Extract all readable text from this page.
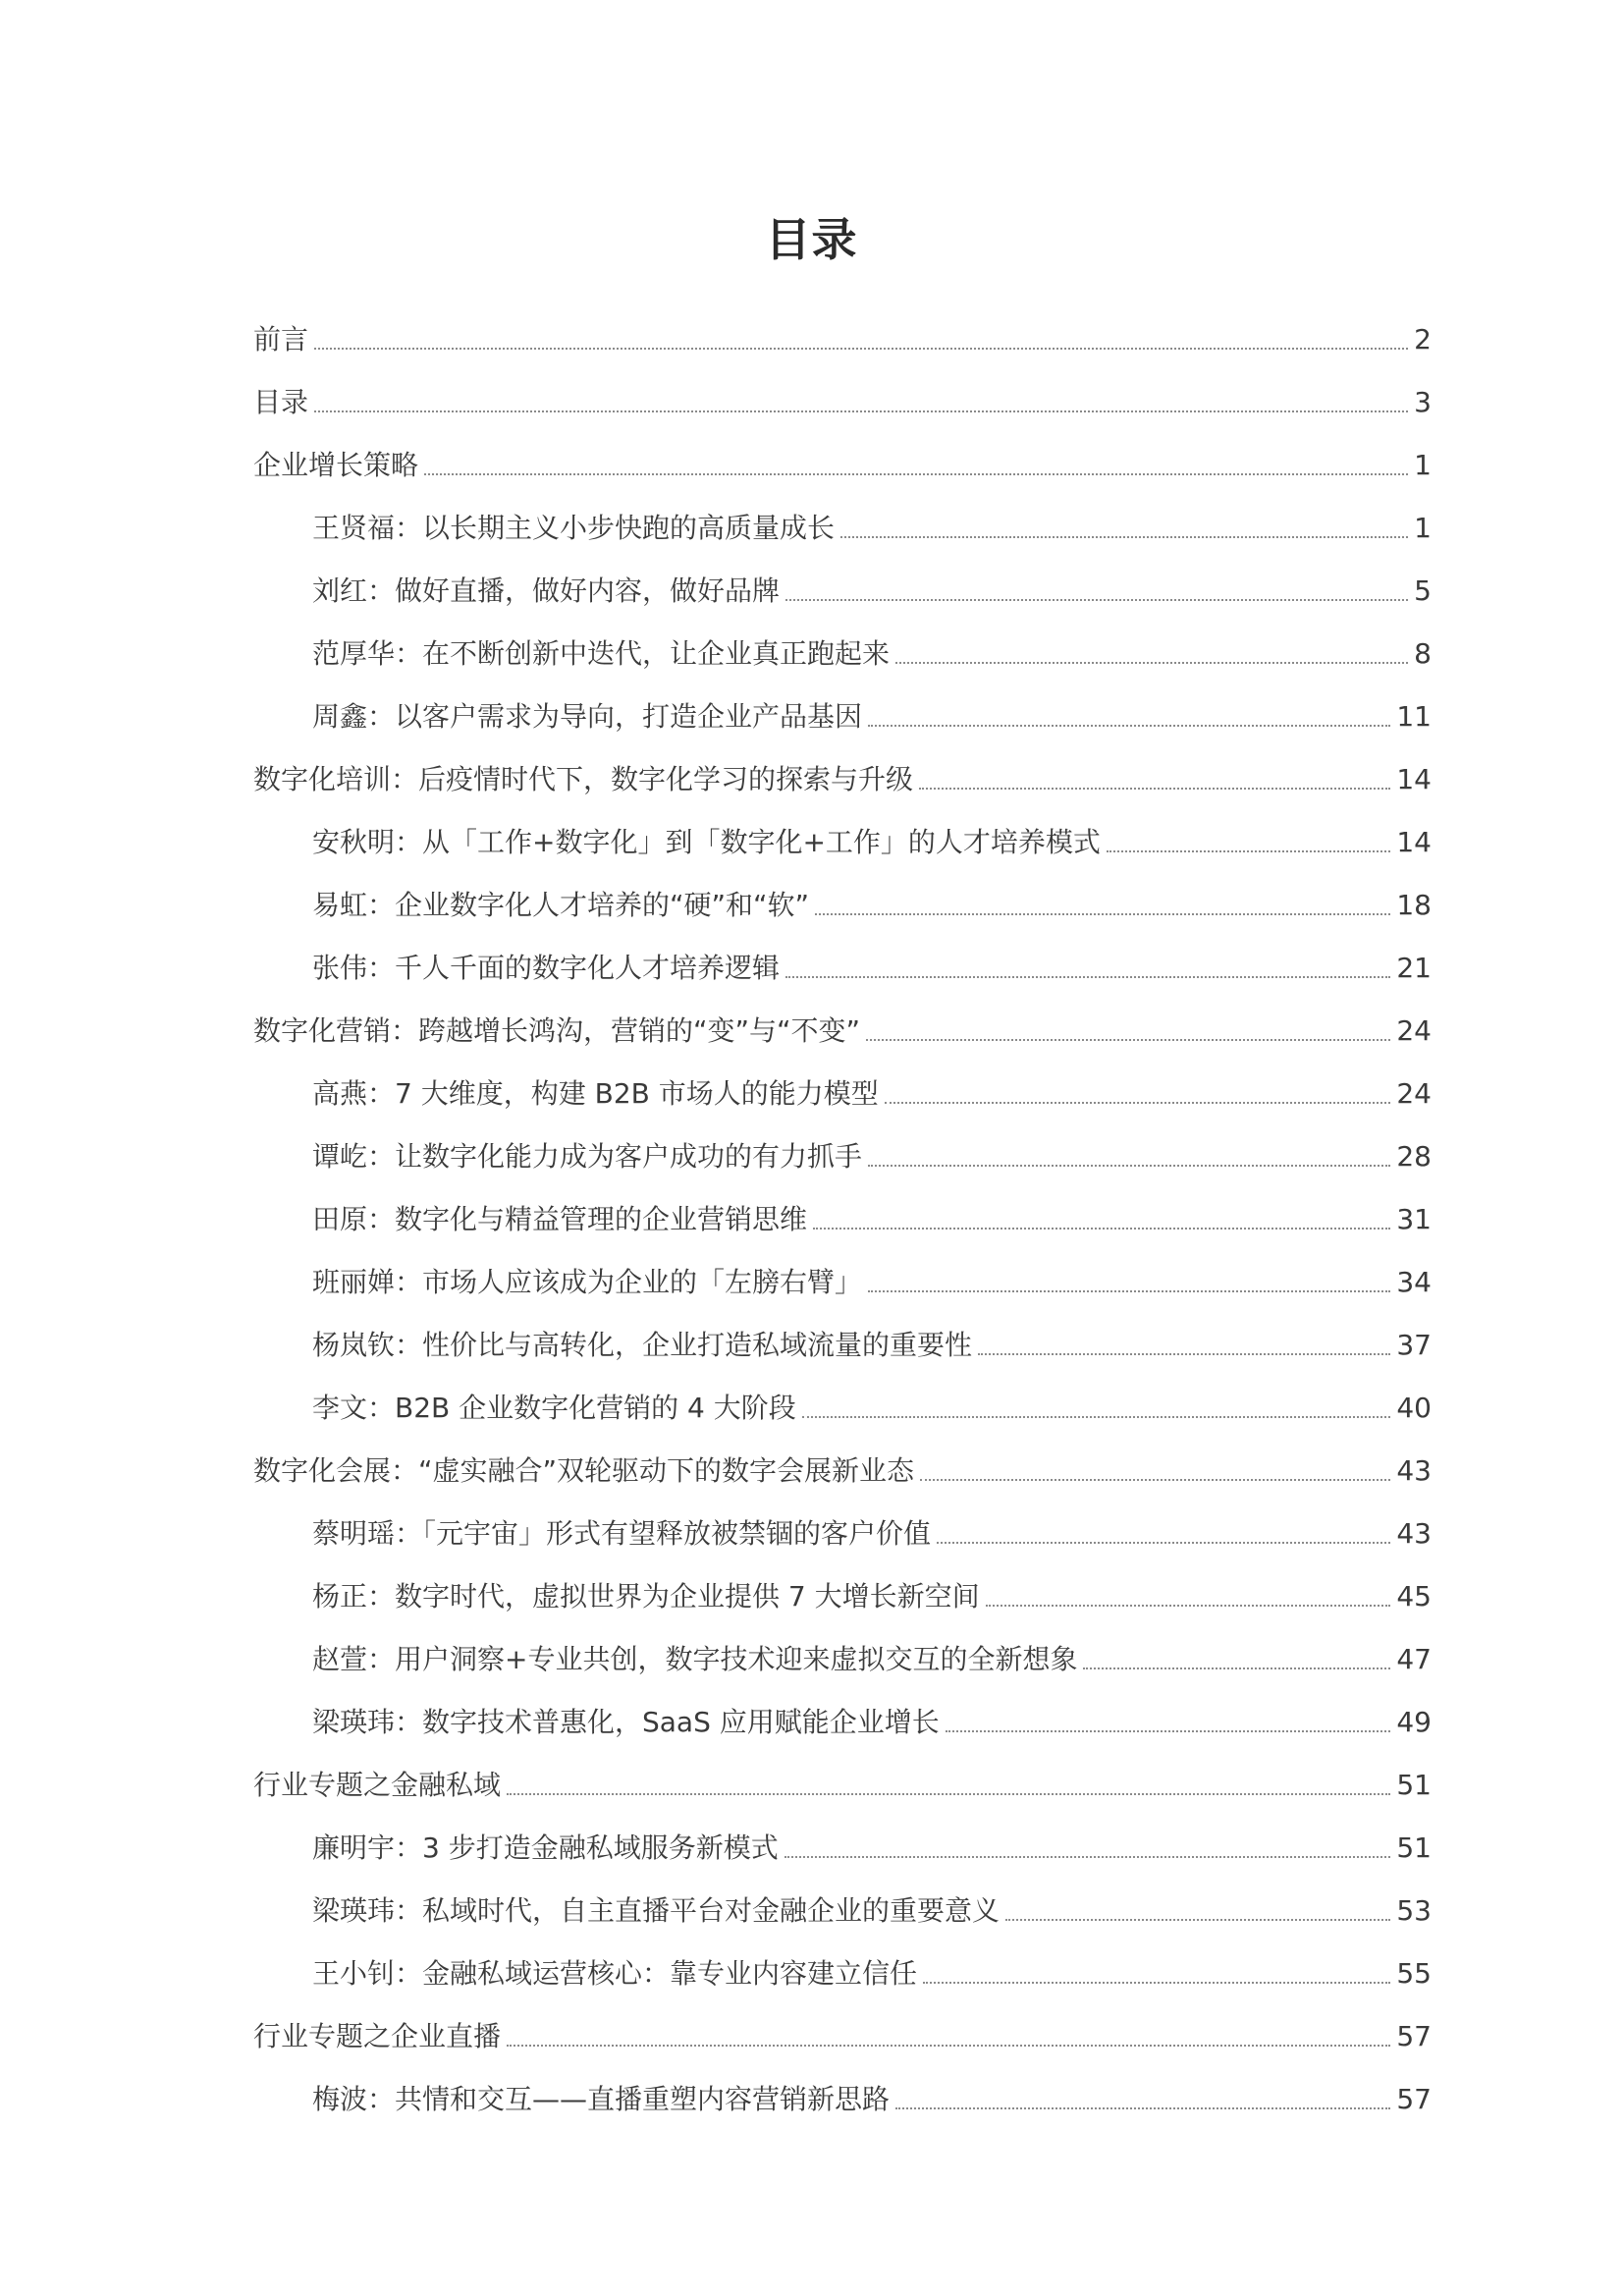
目录
前言	2
目录	3
企业增长策略	1
王贤福：以长期主义小步快跑的高质量成长	1
刘红：做好直播，做好内容，做好品牌	5
范厚华：在不断创新中迭代，让企业真正跑起来	8
周鑫：以客户需求为导向，打造企业产品基因	11
数字化培训：后疫情时代下，数字化学习的探索与升级	14
安秋明：从「工作+数字化」到「数字化+工作」的人才培养模式	14
易虹：企业数字化人才培养的“硬”和“软”	18
张伟：千人千面的数字化人才培养逻辑	21
数字化营销：跨越增长鸿沟，营销的“变”与“不变”	24
高燕：7 大维度，构建 B2B 市场人的能力模型	24
谭屹：让数字化能力成为客户成功的有力抓手	28
田原：数字化与精益管理的企业营销思维	31
班丽婵：市场人应该成为企业的「左膀右臂」	34
杨岚钦：性价比与高转化，企业打造私域流量的重要性	37
李文：B2B 企业数字化营销的 4 大阶段	40
数字化会展：“虚实融合”双轮驱动下的数字会展新业态	43
蔡明瑶：「元宇宙」形式有望释放被禁锢的客户价值	43
杨正：数字时代，虚拟世界为企业提供 7 大增长新空间	45
赵萱：用户洞察+专业共创，数字技术迎来虚拟交互的全新想象	47
梁瑛玮：数字技术普惠化，SaaS 应用赋能企业增长	49
行业专题之金融私域	51
廉明宇：3 步打造金融私域服务新模式	51
梁瑛玮：私域时代，自主直播平台对金融企业的重要意义	53
王小钊：金融私域运营核心：靠专业内容建立信任	55
行业专题之企业直播	57
梅波：共情和交互——直播重塑内容营销新思路	57
